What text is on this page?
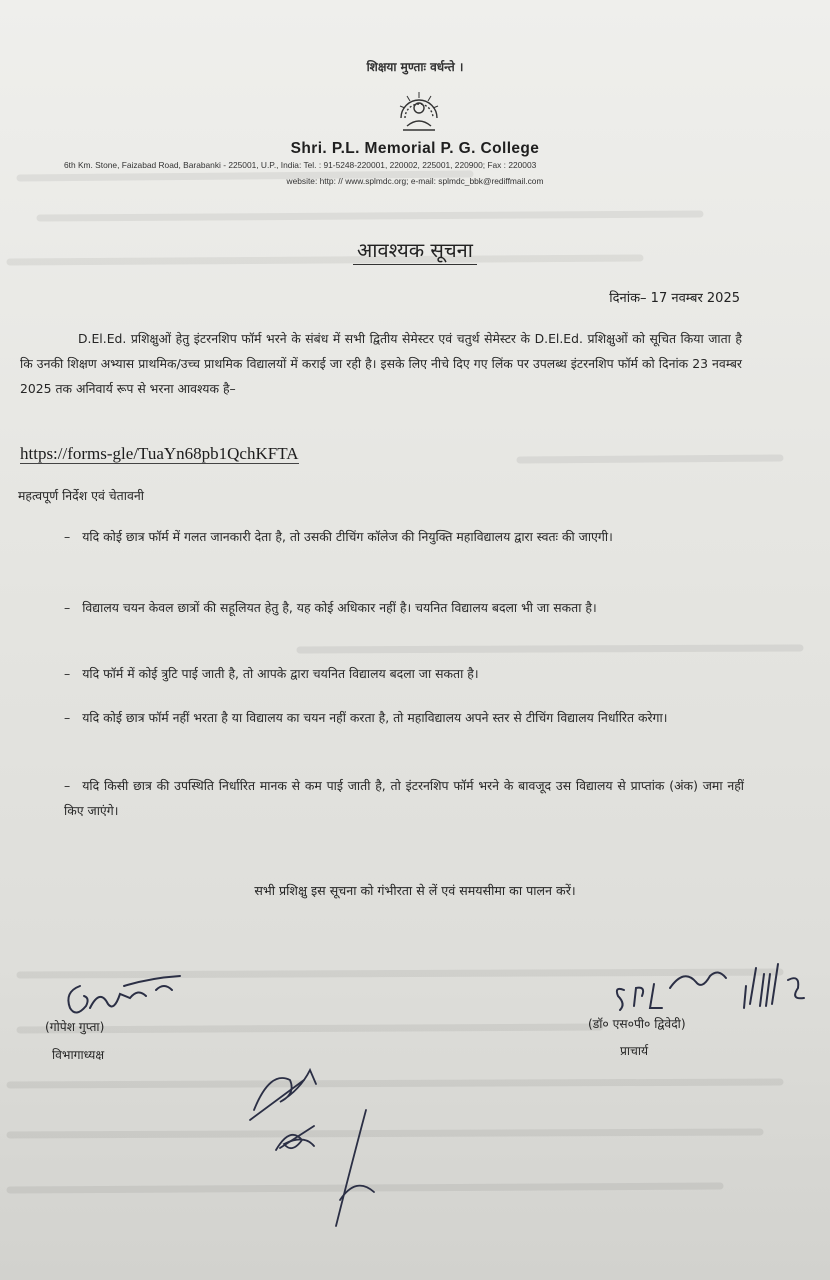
शिक्षया मुण्ताः वर्धन्ते ।
Shri. P.L. Memorial P. G. College
6th Km. Stone, Faizabad Road, Barabanki - 225001, U.P., India: Tel. : 91-5248-220001, 220002, 225001, 220900; Fax : 220003
website: http: // www.splmdc.org; e-mail: splmdc_bbk@rediffmail.com
आवश्यक सूचना
दिनांक– 17 नवम्बर 2025
D.El.Ed. प्रशिक्षुओं हेतु इंटरनशिप फॉर्म भरने के संबंध में सभी द्वितीय सेमेस्टर एवं चतुर्थ सेमेस्टर के D.El.Ed. प्रशिक्षुओं को सूचित किया जाता है कि उनकी शिक्षण अभ्यास प्राथमिक/उच्च प्राथमिक विद्यालयों में कराई जा रही है। इसके लिए नीचे दिए गए लिंक पर उपलब्ध इंटरनशिप फॉर्म को दिनांक 23 नवम्बर 2025 तक अनिवार्य रूप से भरना आवश्यक है–
https://forms-gle/TuaYn68pb1QchKFTA
महत्वपूर्ण निर्देश एवं चेतावनी
– यदि कोई छात्र फॉर्म में गलत जानकारी देता है, तो उसकी टीचिंग कॉलेज की नियुक्ति महाविद्यालय द्वारा स्वतः की जाएगी।
– विद्यालय चयन केवल छात्रों की सहूलियत हेतु है, यह कोई अधिकार नहीं है। चयनित विद्यालय बदला भी जा सकता है।
– यदि फॉर्म में कोई त्रुटि पाई जाती है, तो आपके द्वारा चयनित विद्यालय बदला जा सकता है।
– यदि कोई छात्र फॉर्म नहीं भरता है या विद्यालय का चयन नहीं करता है, तो महाविद्यालय अपने स्तर से टीचिंग विद्यालय निर्धारित करेगा।
– यदि किसी छात्र की उपस्थिति निर्धारित मानक से कम पाई जाती है, तो इंटरनशिप फॉर्म भरने के बावजूद उस विद्यालय से प्राप्तांक (अंक) जमा नहीं किए जाएंगे।
सभी प्रशिक्षु इस सूचना को गंभीरता से लें एवं समयसीमा का पालन करें।
(गोपेश गुप्ता)
विभागाध्यक्ष
(डॉ० एस०पी० द्विवेदी)
प्राचार्य
